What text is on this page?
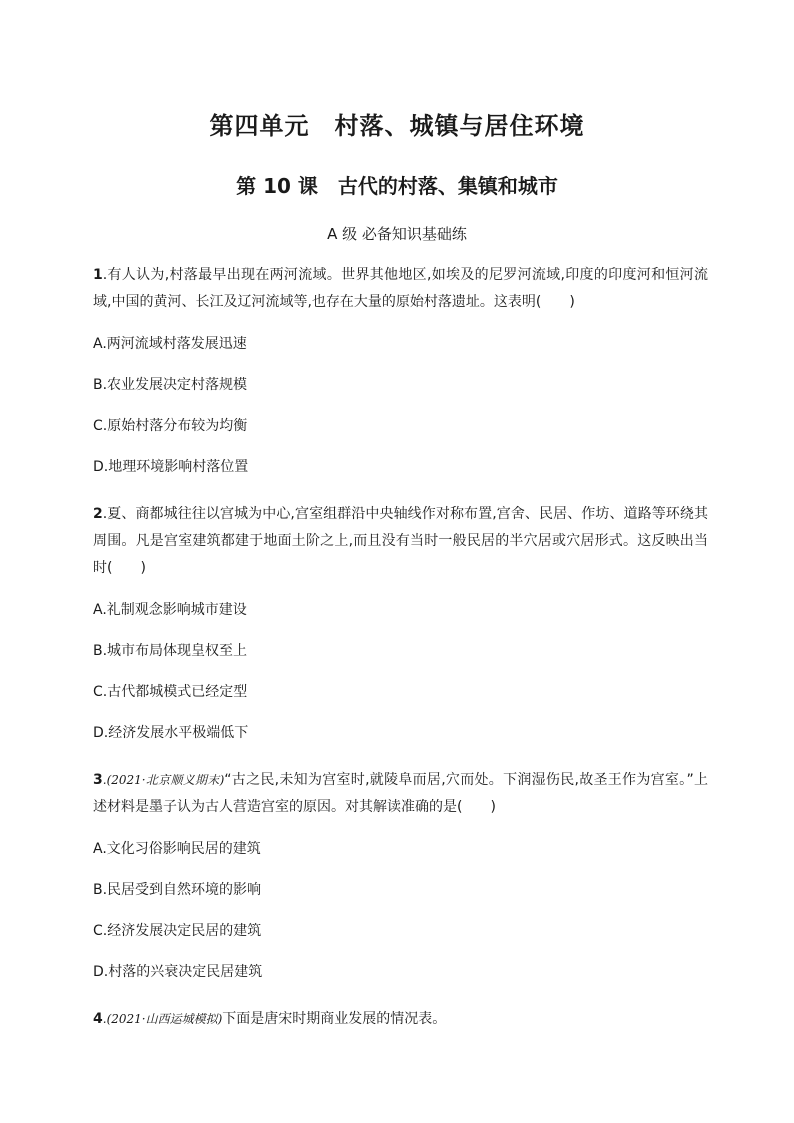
第四单元　村落、城镇与居住环境
第 10 课　古代的村落、集镇和城市
A 级 必备知识基础练
1.有人认为,村落最早出现在两河流域。世界其他地区,如埃及的尼罗河流域,印度的印度河和恒河流域,中国的黄河、长江及辽河流域等,也存在大量的原始村落遗址。这表明(　　)
A.两河流域村落发展迅速
B.农业发展决定村落规模
C.原始村落分布较为均衡
D.地理环境影响村落位置
2.夏、商都城往往以宫城为中心,宫室组群沿中央轴线作对称布置,宫舍、民居、作坊、道路等环绕其周围。凡是宫室建筑都建于地面土阶之上,而且没有当时一般民居的半穴居或穴居形式。这反映出当时(　　)
A.礼制观念影响城市建设
B.城市布局体现皇权至上
C.古代都城模式已经定型
D.经济发展水平极端低下
3.(2021·北京顺义期末)“古之民,未知为宫室时,就陵阜而居,穴而处。下润湿伤民,故圣王作为宫室。”上述材料是墨子认为古人营造宫室的原因。对其解读准确的是(　　)
A.文化习俗影响民居的建筑
B.民居受到自然环境的影响
C.经济发展决定民居的建筑
D.村落的兴衰决定民居建筑
4.(2021·山西运城模拟)下面是唐宋时期商业发展的情况表。
